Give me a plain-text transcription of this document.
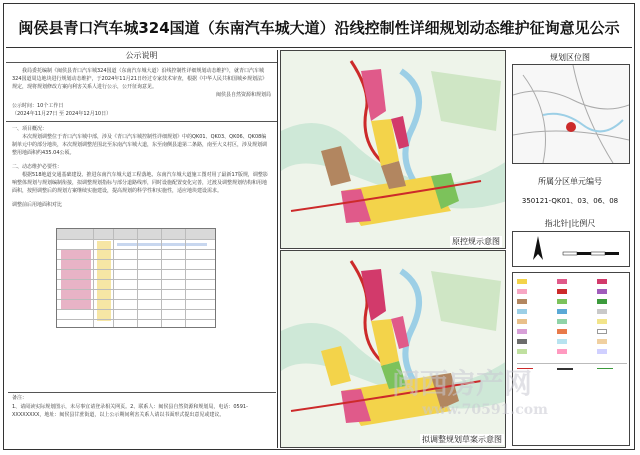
闽侯县青口汽车城324国道（东南汽车城大道）沿线控制性详细规划动态维护征询意见公示
公示说明
我局委托编制《闽侯县青口汽车城324国道（东南汽车城大道）沿线控制性详细规划动态维护》，就青口汽车城324国道周边地块进行规划动态维护，于2024年11月21日经过专家技术审查，根据《中华人民共和国城乡规划法》规定，现将规划修改方案向利害关系人进行公示，公开征询意见。
闽侯县自然资源和规划局
公示时间：10个工作日
（2024年11月27日 至 2024年12月10日）
一、项目概况：
本次规划调整位于青口汽车城中部，涉及《青口汽车城控制性详细规划》中的QK01、QK03、QK06、QK08编制单元中的部分地块，本次规划调整范围北至东南汽车城大道，东至南侧县道第二条路，南至大义村区，涉及规划调整用地面积约435.04公顷。
二、动态维护必要性：
根据518地道交通基础建设、推进东南汽车城大道工程落地、东南汽车城大道施工图对用了最新17版规，调整影响整体规划与规划编制衔接，拟调整规划指标与部分道路线形，同时设施配置变化完善，过渡及调整规划结构和用地面积，按照调整后的规划方案继续实施建设，提高规划的科学性和实施性，适应地块建设需求。
调整前后用地面积对比
备注：
1、请阅读实际规划图示，未尽事宜请登录相关网页。2、联系人：闽侯县自然资源和规划局，电话：0591-XXXXXXXX，地址：闽侯县甘蔗街道，以上公示期间利害关系人请以书面形式提出意见或建议。
原控规示意图
拟调整规划草案示意图
规划区位图
所属分区单元编号
350121-QK01、03、06、08
指北针|比例尺
闽西房产网
www.70591.com
